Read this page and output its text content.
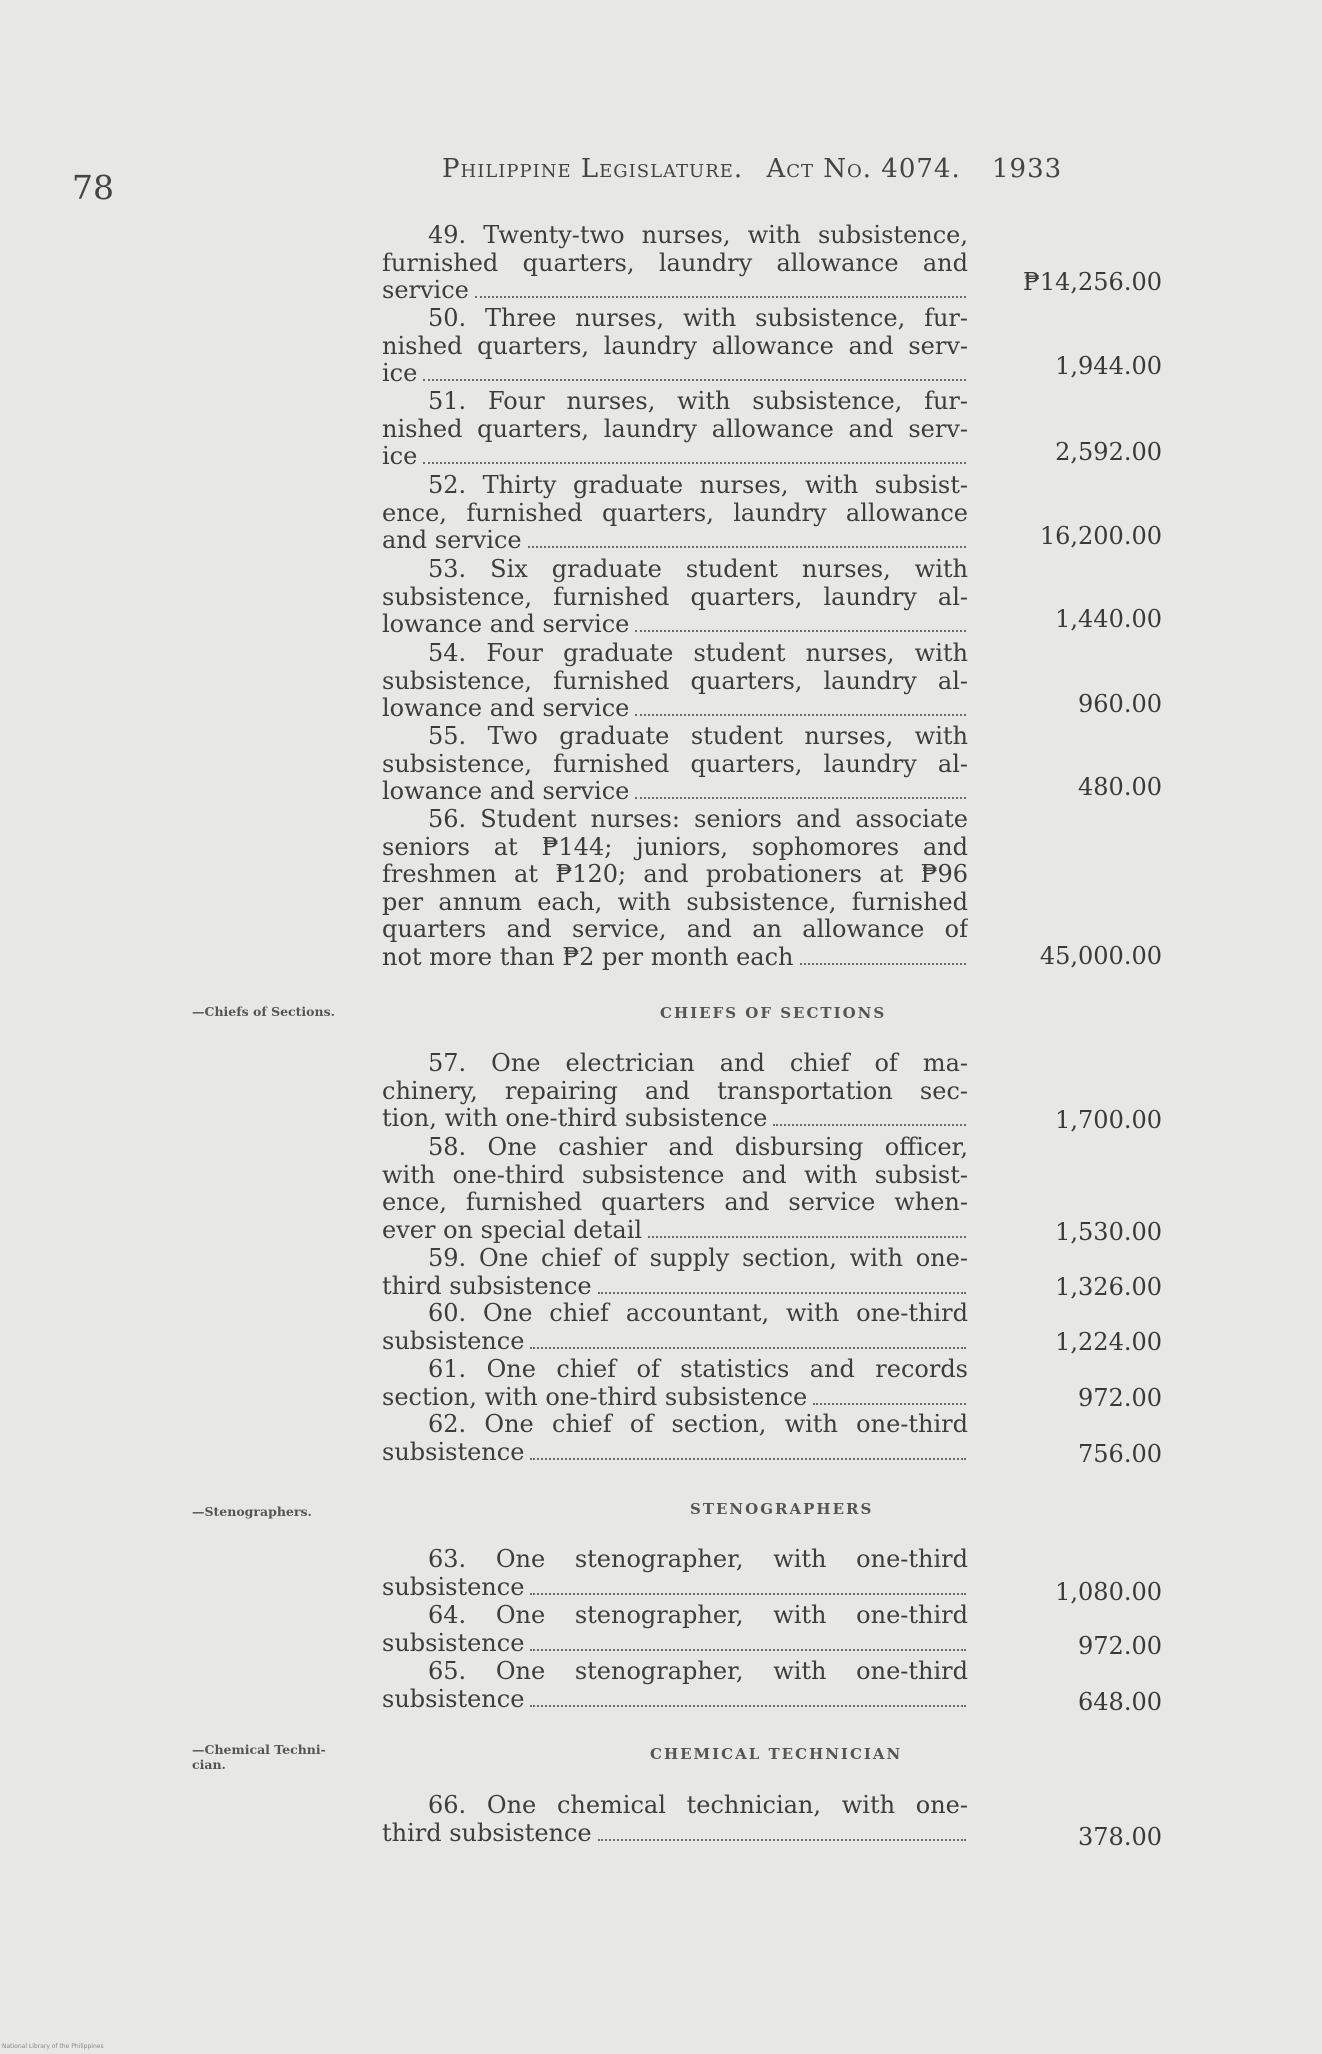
78	Philippine Legislature. Act No. 4074. 1933
49. Twenty-two nurses, with subsistence,
furnished quarters, laundry allowance and
service	₱14,256.00
50. Three nurses, with subsistence, fur-
nished quarters, laundry allowance and serv-
ice	1,944.00
51. Four nurses, with subsistence, fur-
nished quarters, laundry allowance and serv-
ice	2,592.00
52. Thirty graduate nurses, with subsist-
ence, furnished quarters, laundry allowance
and service	16,200.00
53. Six graduate student nurses, with
subsistence, furnished quarters, laundry al-
lowance and service	1,440.00
54. Four graduate student nurses, with
subsistence, furnished quarters, laundry al-
lowance and service	960.00
55. Two graduate student nurses, with
subsistence, furnished quarters, laundry al-
lowance and service	480.00
56. Student nurses: seniors and associate
seniors at ₱144; juniors, sophomores and
freshmen at ₱120; and probationers at ₱96
per annum each, with subsistence, furnished
quarters and service, and an allowance of
not more than ₱2 per month each	45,000.00
—Chiefs of Sections.	CHIEFS OF SECTIONS
57. One electrician and chief of ma-
chinery, repairing and transportation sec-
tion, with one-third subsistence	1,700.00
58. One cashier and disbursing officer,
with one-third subsistence and with subsist-
ence, furnished quarters and service when-
ever on special detail	1,530.00
59. One chief of supply section, with one-
third subsistence	1,326.00
60. One chief accountant, with one-third
subsistence	1,224.00
61. One chief of statistics and records
section, with one-third subsistence	972.00
62. One chief of section, with one-third
subsistence	756.00
—Stenographers.	STENOGRAPHERS
63. One stenographer, with one-third
subsistence	1,080.00
64. One stenographer, with one-third
subsistence	972.00
65. One stenographer, with one-third
subsistence	648.00
—Chemical Techni-
cian.
CHEMICAL TECHNICIAN
66. One chemical technician, with one-
third subsistence	378.00
National Library of the Philippines
